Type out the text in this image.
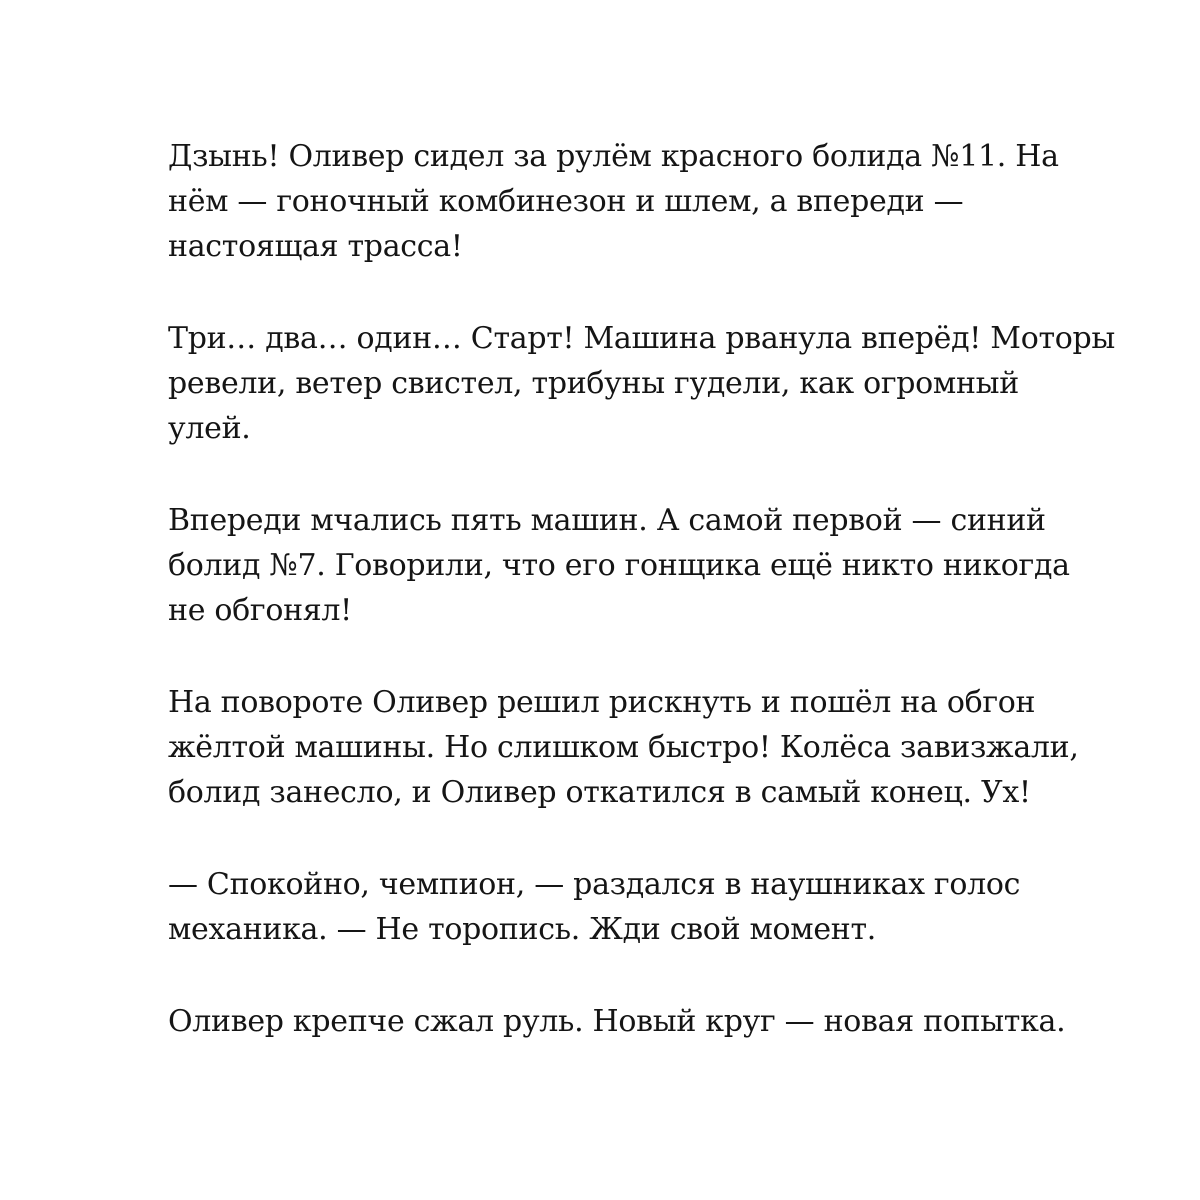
Дзынь! Оливер сидел за рулём красного болида №11. На
нём — гоночный комбинезон и шлем, а впереди —
настоящая трасса!

Три… два… один… Старт! Машина рванула вперёд! Моторы
ревели, ветер свистел, трибуны гудели, как огромный
улей.

Впереди мчались пять машин. А самой первой — синий
болид №7. Говорили, что его гонщика ещё никто никогда
не обгонял!

На повороте Оливер решил рискнуть и пошёл на обгон
жёлтой машины. Но слишком быстро! Колёса завизжали,
болид занесло, и Оливер откатился в самый конец. Ух!

— Спокойно, чемпион, — раздался в наушниках голос
механика. — Не торопись. Жди свой момент.

Оливер крепче сжал руль. Новый круг — новая попытка.
